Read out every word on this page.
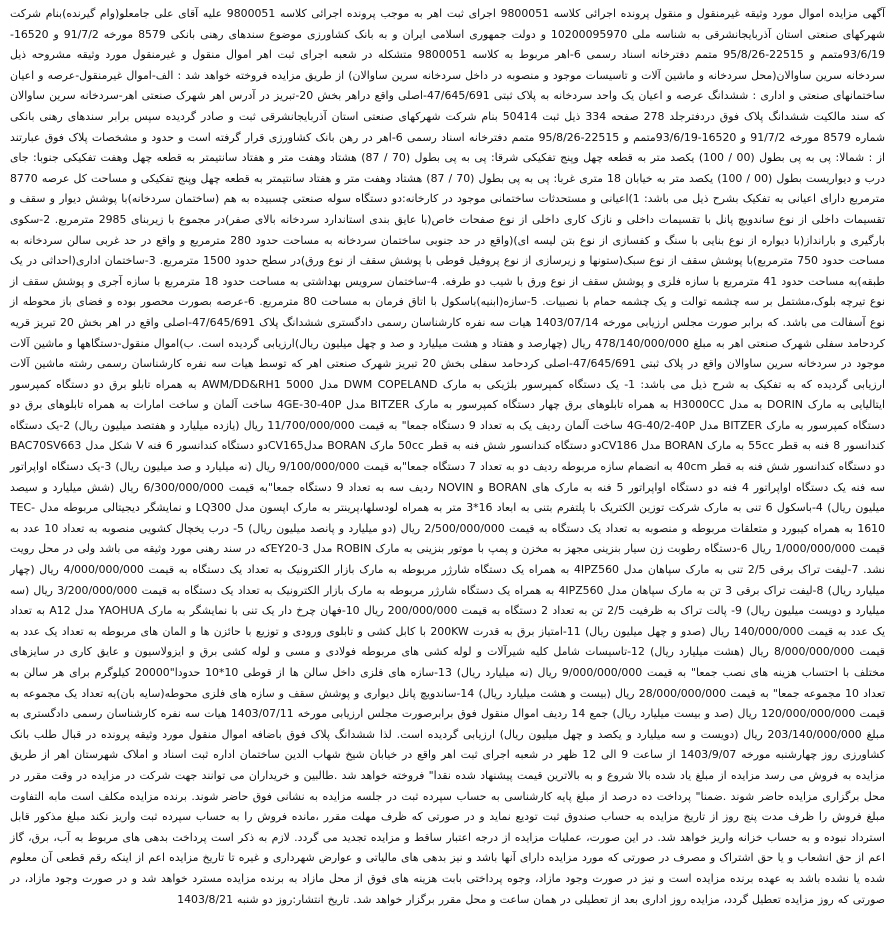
آگهی مزایده اموال مورد وثیقه غیرمنقول و منقول پرونده اجرائی کلاسه 9800051 اجرای ثبت اهر به موجب پرونده اجرائی کلاسه 9800051 علیه آقای علی جامعلو(وام گیرنده)بنام شرکت شهرکهای صنعتی استان آذربایجانشرقی به شناسه ملی 10200095970 و دولت جمهوری اسلامی ایران و به بانک کشاورزی موضوع سندهای رهنی بانکی 8579 مورخه 91/7/2 و 16520-93/6/19متمم و 22515-95/8/26 متمم دفترخانه اسناد رسمی 6-اهر مربوط به کلاسه 9800051 متشکله در شعبه اجرای ثبت اهر اموال منقول و غیرمنقول مورد وثیقه مشروحه ذیل سردخانه سرین ساوالان(محل سردخانه و ماشین آلات و تاسیسات موجود و منصوبه در داخل سردخانه سرین ساوالان) از طریق مزایده فروخته خواهد شد : الف-اموال غیرمنقول-عرصه و اعیان ساختمانهای صنعتی و اداری : ششدانگ عرصه و اعیان یک واحد سردخانه به پلاک ثبتی 47/645/691-اصلی واقع دراهر بخش 20-تبریز در آدرس اهر شهرک صنعتی اهر-سردخانه سرین ساوالان که سند مالکیت ششدانگ پلاک فوق دردفترجلد 278 صفحه 334 ذیل ثبت 50414 بنام شرکت شهرکهای صنعتی استان آذربایجانشرقی ثبت و صادر گردیده سپس برابر سندهای رهنی بانکی شماره 8579 مورخه 91/7/2 و 16520-93/6/19متمم و 22515-95/8/26 متمم دفترخانه اسناد رسمی 6-اهر در رهن بانک کشاورزی قرار گرفته است و حدود و مشخصات پلاک فوق عبارتند از : شمالا: پی به پی بطول (00 / 100) یکصد متر به قطعه چهل وپنج تفکیکی شرقا: پی به پی بطول (70 / 87) هشتاد وهفت متر و هفتاد سانتیمتر به قطعه چهل وهفت تفکیکی جنوبا: جای درب و دیواریست بطول (00 / 100) یکصد متر به خیابان 18 متری غربا: پی به پی بطول (70 / 87) هشتاد وهفت متر و هفتاد سانتیمتر به قطعه چهل وپنج تفکیکی و مساحت کل عرصه 8770 مترمربع دارای اعیانی به تفکیک بشرح ذیل می باشد: 1)اعیانی و مستحدثات ساختمانی موجود در کارخانه:دو دستگاه سوله صنعتی چسبیده به هم (ساختمان سردخانه)با پوشش دیوار و سقف و تقسیمات داخلی از نوع ساندویچ پانل با تقسیمات داخلی و نازک کاری داخلی از نوع صفحات خاص(با عایق بندی استاندارد سردخانه بالای صفر)در مجموع با زیربنای 2985 مترمربع. 2-سکوی بارگیری و بارانداز(با دیواره از نوع بنایی با سنگ و کفسازی از نوع بتن لیسه ای)(واقع در حد جنوبی ساختمان سردخانه به مساحت حدود 280 مترمربع و واقع در حد غربی سالن سردخانه به مساحت حدود 750 مترمربع)با پوشش سقف از نوع سبک(ستونها و زیرسازی از نوع پروفیل قوطی با پوشش سقف از نوع ورق)در سطح حدود 1500 مترمربع. 3-ساختمان اداری(احداثی در یک طبقه)به مساحت حدود 41 مترمربع با سازه فلزی و پوشش سقف از نوع ورق با شیب دو طرفه. 4-ساختمان سرویس بهداشتی به مساحت حدود 18 مترمربع با سازه آجری و پوشش سقف از نوع تیرچه بلوک،مشتمل بر سه چشمه توالت و یک چشمه حمام با نصبیات. 5-سازه(ابنیه)باسکول با اتاق فرمان به مساحت 80 مترمربع. 6-عرصه بصورت محصور بوده و فضای باز محوطه از نوع آسفالت می باشد. که برابر صورت مجلس ارزیابی مورخه 1403/07/14 هیات سه نفره کارشناسان رسمی دادگستری ششدانگ پلاک 47/645/691-اصلی واقع در اهر بخش 20 تبریز قریه کردحامد سفلی شهرک صنعتی اهر به مبلغ 478/140/000/000 ریال (چهارصد و هفتاد و هشت میلیارد و صد و چهل میلیون ریال)ارزیابی گردیده است. ب)اموال منقول-دستگاهها و ماشین آلات موجود در سردخانه سرین ساوالان واقع در پلاک ثبتی 47/645/691-اصلی کردحامد سفلی بخش 20 تبریز شهرک صنعتی اهر که توسط هیات سه نفره کارشناسان رسمی رشته ماشین آلات ارزیابی گردیده که به تفکیک به شرح ذیل می باشد: 1- یک دستگاه کمپرسور بلژیکی به مارک DWM COPELAND مدل AWM/DD&RH1 5000 به همراه تابلو برق دو دستگاه کمپرسور ایتالیایی به مارک DORIN به مدل H3000CC به همراه تابلوهای برق چهار دستگاه کمپرسور به مارک BITZER مدل 4GE-30-40P ساخت آلمان و ساخت امارات به همراه تابلوهای برق دو دستگاه کمپرسور به مارک BITZER مدل 4G-40/2-40P ساخت آلمان ردیف یک به تعداد 9 دستگاه جمعا" به قیمت 11/700/000/000 ریال (یازده میلیارد و هفتصد میلیون ریال) 2-یک دستگاه کندانسور 8 فنه به قطر 55cc به مارک BORAN مدل CV186دو دستگاه کندانسور شش فنه به قطر 50cc مارک BORAN مدلCV165دو دستگاه کندانسور 6 فنه V شکل مدل BAC70SV663 دو دستگاه کندانسور شش فنه به قطر 40cm به انضمام سازه مربوطه ردیف دو به تعداد 7 دستگاه جمعا"به قیمت 9/100/000/000 ریال (نه میلیارد و صد میلیون ریال) 3-یک دستگاه اواپراتور سه فنه یک دستگاه اواپراتور 4 فنه دو دستگاه اواپراتور 5 فنه به مارک های BORAN و NOVIN ردیف سه به تعداد 9 دستگاه جمعا"به قیمت 6/300/000/000 ریال (شش میلیارد و سیصد میلیون ریال) 4-باسکول 6 تنی به مارک شرکت توزین الکتریک با پلتفرم بتنی به ابعاد 16*3 متر به همراه لودسلها،پرینتر به مارک اپسون مدل LQ300 و نمایشگر دیجیتالی مربوطه مدل TEC-1610 به همراه کیبورد و متعلقات مربوطه و منصوبه به تعداد یک دستگاه به قیمت 2/500/000/000 ریال (دو میلیارد و پانصد میلیون ریال) 5- درب یخچال کشویی منصوبه به تعداد 10 عدد به قیمت 1/000/000/000 ریال 6-دستگاه رطوبت زن سیار بنزینی مجهز به مخزن و پمپ با موتور بنزینی به مارک ROBIN مدل EY20-3که در سند رهنی مورد وثیقه می باشد ولی در محل رویت نشد. 7-لیفت تراک برقی 2/5 تنی به مارک سپاهان مدل 4IPZ560 به همراه یک دستگاه شارژر مربوطه به مارک بازار الکترونیک به تعداد یک دستگاه به قیمت 4/000/000/000 ریال (چهار میلیارد ریال) 8-لیفت تراک برقی 3 تن به مارک سپاهان مدل 4IPZ560 به همراه یک دستگاه شارژر مربوطه به مارک بازار الکترونیک به تعداد یک دستگاه به قیمت 3/200/000/000 ریال (سه میلیارد و دویست میلیون ریال) 9- پالت تراک به ظرفیت 2/5 تن به تعداد 2 دستگاه به قیمت 200/000/000 ریال 10-فهان چرخ دار یک تنی با نمایشگر به مارک YAOHUA مدل A12 به تعداد یک عدد به قیمت 140/000/000 ریال (صدو و چهل میلیون ریال) 11-امتیاز برق به قدرت 200KW با کابل کشی و تابلوی ورودی و توزیع با حائزن ها و المان های مربوطه به تعداد یک عدد به قیمت 8/000/000/000 ریال (هشت میلیارد ریال) 12-تاسیسات شامل کلیه شیرآلات و لوله کشی های مربوطه فولادی و مسی و لوله کشی برق و ایزولاسیون و عایق کاری در سایزهای مختلف با احتساب هزینه های نصب جمعا" به قیمت 9/000/000/000 ریال (نه میلیارد ریال) 13-سازه های فلزی داخل سالن ها از قوطی 10*10 حدودا"20000 کیلوگرم برای هر سالن به تعداد 10 مجموعه جمعا" به قیمت 28/000/000/000 ریال (بیست و هشت میلیارد ریال) 14-ساندویچ پانل دیواری و پوشش سقف و سازه های فلزی محوطه(سایه بان)به تعداد یک مجموعه به قیمت 120/000/000/000 ریال (صد و بیست میلیارد ریال) جمع 14 ردیف اموال منقول فوق برابرصورت مجلس ارزیابی مورخه 1403/07/11 هیات سه نفره کارشناسان رسمی دادگستری به مبلغ 203/140/000/000 ریال (دویست و سه میلیارد و یکصد و چهل میلیون ریال) ارزیابی گردیده است. لذا ششدانگ پلاک فوق باضافه اموال منقول مورد وثیقه پرونده در قبال طلب بانک کشاورزی روز چهارشنبه مورخه 1403/9/07 از ساعت 9 الی 12 ظهر در شعبه اجرای ثبت اهر واقع در خیابان شیخ شهاب الدین ساختمان اداره ثبت اسناد و املاک شهرستان اهر از طریق مزایده به فروش می رسد مزایده از مبلغ یاد شده بالا شروع و به بالاترین قیمت پیشنهاد شده نقدا" فروخته خواهد شد .طالبین و خریداران می توانند جهت شرکت در مزایده در وقت مقرر در محل برگزاری مزایده حاضر شوند .ضمنا" پرداخت ده درصد از مبلغ پایه کارشناسی به حساب سپرده ثبت در جلسه مزایده به نشانی فوق حاضر شوند. برنده مزایده مکلف است مابه التفاوت مبلغ فروش را ظرف مدت پنج روز از تاریخ مزایده به حساب صندوق ثبت تودیع نماید و در صورتی که ظرف مهلت مقرر ،مانده فروش را به حساب سپرده ثبت واریز نکند مبلغ مذکور قابل استرداد نبوده و به حساب خزانه واریز خواهد شد. در این صورت، عملیات مزایده از درجه اعتبار ساقط و مزایده تجدید می گردد. لازم به ذکر است پرداخت بدهی های مربوط به آب، برق، گاز اعم از حق انشعاب و یا حق اشتراک و مصرف در صورتی که مورد مزایده دارای آنها باشد و نیز بدهی های مالیاتی و عوارض شهرداری و غیره تا تاریخ مزایده اعم از اینکه رقم قطعی آن معلوم شده یا نشده باشد به عهده برنده مزایده است و نیز در صورت وجود مازاد، وجوه پرداختی بابت هزینه های فوق از محل مازاد به برنده مزایده مسترد خواهد شد و در صورت وجود مازاد، در صورتی که روز مزایده تعطیل گردد، مزایده روز اداری بعد از تعطیلی در همان ساعت و محل مقرر برگزار خواهد شد. تاریخ انتشار:روز دو شنبه 1403/8/21
